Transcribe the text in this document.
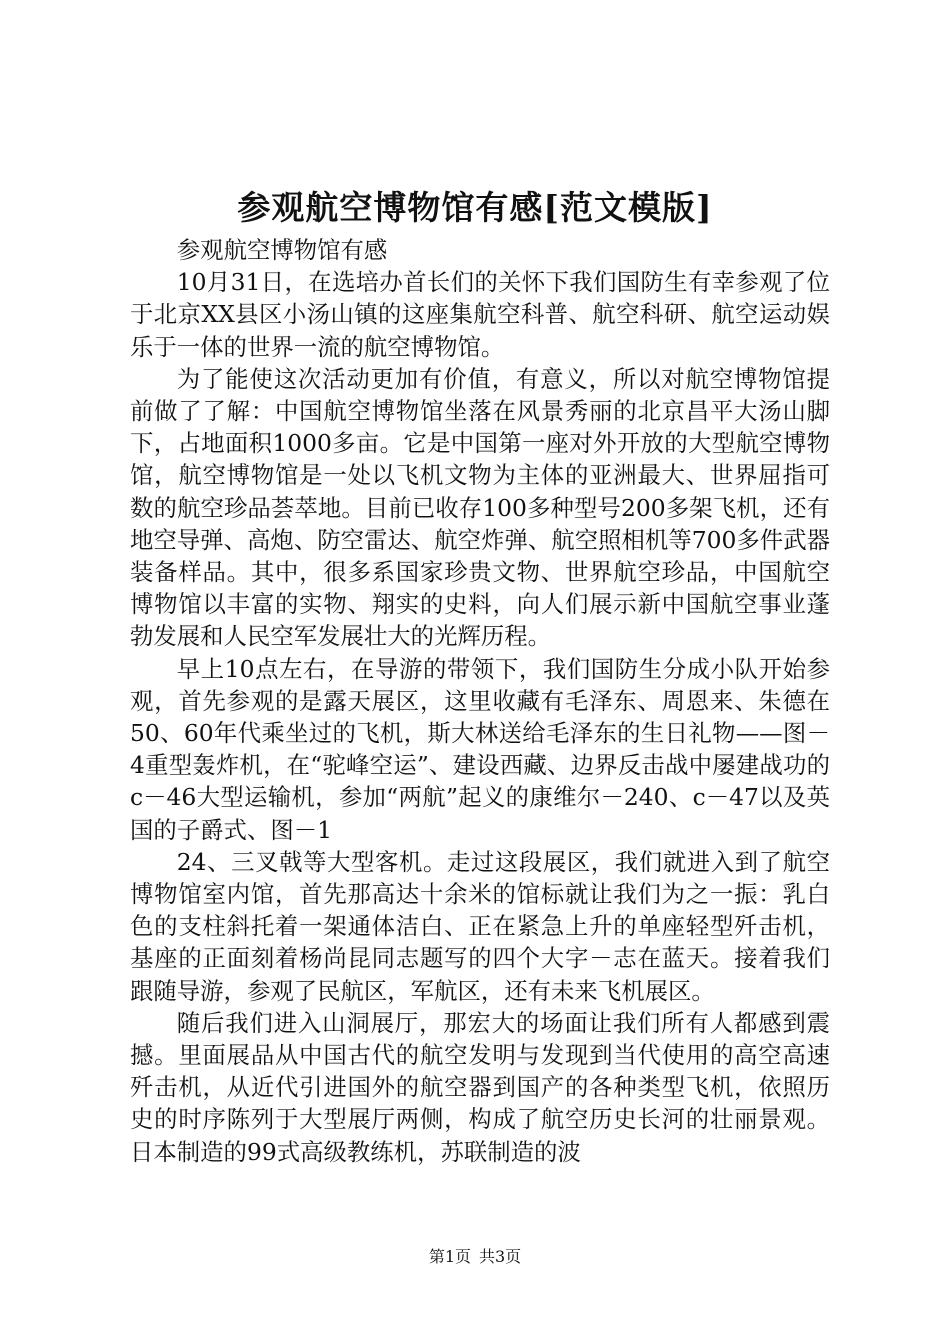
参观航空博物馆有感[范文模版]

参观航空博物馆有感

10月31日，在选培办首长们的关怀下我们国防生有幸参观了位于北京XX县区小汤山镇的这座集航空科普、航空科研、航空运动娱乐于一体的世界一流的航空博物馆。

为了能使这次活动更加有价值，有意义，所以对航空博物馆提前做了了解：中国航空博物馆坐落在风景秀丽的北京昌平大汤山脚下，占地面积1000多亩。它是中国第一座对外开放的大型航空博物馆，航空博物馆是一处以飞机文物为主体的亚洲最大、世界屈指可数的航空珍品荟萃地。目前已收存100多种型号200多架飞机，还有地空导弹、高炮、防空雷达、航空炸弹、航空照相机等700多件武器装备样品。其中，很多系国家珍贵文物、世界航空珍品，中国航空博物馆以丰富的实物、翔实的史料，向人们展示新中国航空事业蓬勃发展和人民空军发展壮大的光辉历程。

早上10点左右，在导游的带领下，我们国防生分成小队开始参观，首先参观的是露天展区，这里收藏有毛泽东、周恩来、朱德在50、60年代乘坐过的飞机，斯大林送给毛泽东的生日礼物——图－4重型轰炸机，在“驼峰空运”、建设西藏、边界反击战中屡建战功的c－46大型运输机，参加“两航”起义的康维尔－240、c－47以及英国的子爵式、图－1

24、三叉戟等大型客机。走过这段展区，我们就进入到了航空博物馆室内馆，首先那高达十余米的馆标就让我们为之一振：乳白色的支柱斜托着一架通体洁白、正在紧急上升的单座轻型歼击机，基座的正面刻着杨尚昆同志题写的四个大字－志在蓝天。接着我们跟随导游，参观了民航区，军航区，还有未来飞机展区。

随后我们进入山洞展厅，那宏大的场面让我们所有人都感到震撼。里面展品从中国古代的航空发明与发现到当代使用的高空高速歼击机，从近代引进国外的航空器到国产的各种类型飞机，依照历史的时序陈列于大型展厅两侧，构成了航空历史长河的壮丽景观。日本制造的99式高级教练机，苏联制造的波

第1页 共3页
